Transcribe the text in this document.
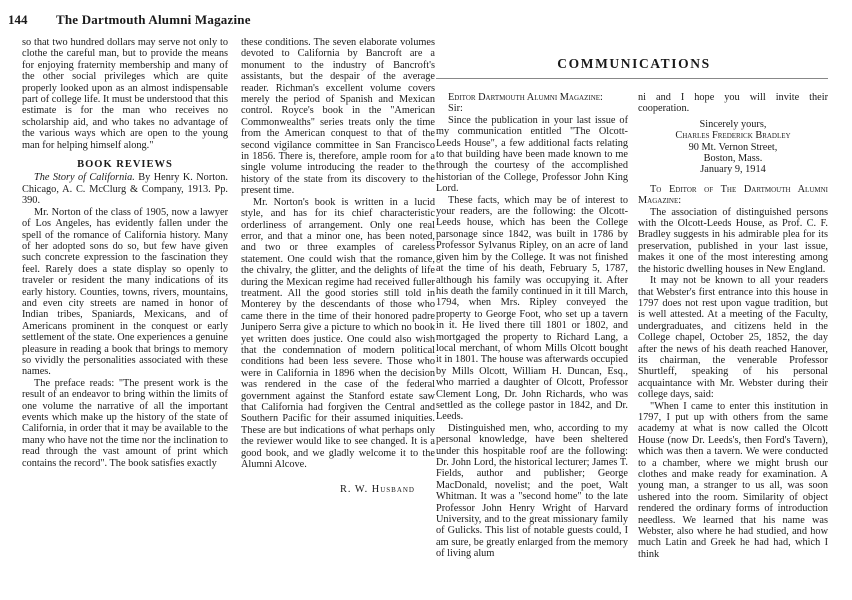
144 The Dartmouth Alumni Magazine

so that two hundred dollars may serve not only to clothe the careful man, but to provide the means for enjoying fraternity membership and many of the other social privileges which are quite properly looked upon as an almost indispensable part of college life. It must be understood that this estimate is for the man who receives no scholarship aid, and who takes no advantage of the various ways which are open to the young man for helping himself along."

BOOK REVIEWS

The Story of California. By Henry K. Norton. Chicago, A. C. McClurg & Company, 1913. Pp. 390.

Mr. Norton of the class of 1905, now a lawyer of Los Angeles, has evidently fallen under the spell of the romance of California history. Many of her adopted sons do so, but few have given such concrete expression to the fascination they feel. Rarely does a state display so openly to traveler or resident the many indications of its early history. Counties, towns, rivers, mountains, and even city streets are named in honor of Indian tribes, Spaniards, Mexicans, and of Americans prominent in the conquest or early settlement of the state. One experiences a genuine pleasure in reading a book that brings to memory so vividly the personalities associated with these names.

The preface reads: "The present work is the result of an endeavor to bring within the limits of one volume the narrative of all the important events which make up the history of the state of California, in order that it may be available to the many who have not the time nor the inclination to read through the vast amount of print which contains the record". The book satisfies exactly

these conditions. The seven elaborate volumes devoted to California by Bancroft are a monument to the industry of Bancroft's assistants, but the despair of the average reader. Richman's excellent volume covers merely the period of Spanish and Mexican control. Royce's book in the "American Commonwealths" series treats only the time from the American conquest to that of the second vigilance committee in San Francisco in 1856. There is, therefore, ample room for a single volume introducing the reader to the history of the state from its discovery to the present time.

Mr. Norton's book is written in a lucid style, and has for its chief characteristic orderliness of arrangement. Only one real error, and that a minor one, has been noted, and two or three examples of careless statement. One could wish that the romance, the chivalry, the glitter, and the delights of life during the Mexican regime had received fuller treatment. All the good stories still told in Monterey by the descendants of those who came there in the time of their honored padre Junipero Serra give a picture to which no book yet written does justice. One could also wish that the condemnation of modern political conditions had been less severe. Those who were in California in 1896 when the decision was rendered in the case of the federal government against the Stanford estate saw that California had forgiven the Central and Southern Pacific for their assumed iniquities. These are but indications of what perhaps only the reviewer would like to see changed. It is a good book, and we gladly welcome it to the Alumni Alcove.

R. W. Husband
COMMUNICATIONS

Editor Dartmouth Alumni Magazine:

Sir:

Since the publication in your last issue of my communication entitled "The Olcott-Leeds House", a few additional facts relating to that building have been made known to me through the courtesy of the accomplished historian of the College, Professor John King Lord.

These facts, which may be of interest to your readers, are the following: the Olcott-Leeds house, which has been the College parsonage since 1842, was built in 1786 by Professor Sylvanus Ripley, on an acre of land given him by the College. It was not finished at the time of his death, February 5, 1787, although his family was occupying it. After his death the family continued in it till March, 1794, when Mrs. Ripley conveyed the property to George Foot, who set up a tavern in it. He lived there till 1801 or 1802, and mortgaged the property to Richard Lang, a local merchant, of whom Mills Olcott bought it in 1801. The house was afterwards occupied by Mills Olcott, William H. Duncan, Esq., who married a daughter of Olcott, Professor Clement Long, Dr. John Richards, who was settled as the college pastor in 1842, and Dr. Leeds.

Distinguished men, who, according to my personal knowledge, have been sheltered under this hospitable roof are the following: Dr. John Lord, the historical lecturer; James T. Fields, author and publisher; George MacDonald, novelist; and the poet, Walt Whitman. It was a "second home" to the late Professor John Henry Wright of Harvard University, and to the great missionary family of Gulicks. This list of notable guests could, I am sure, be greatly enlarged from the memory of living alum

ni and I hope you will invite their cooperation.

Sincerely yours,
Charles Frederick Bradley
90 Mt. Vernon Street,
Boston, Mass.
January 9, 1914

To Editor of The Dartmouth Alumni Magazine:

The association of distinguished persons with the Olcott-Leeds House, as Prof. C. F. Bradley suggests in his admirable plea for its preservation, published in your last issue, makes it one of the most interesting among the historic dwelling houses in New England.

It may not be known to all your readers that Webster's first entrance into this house in 1797 does not rest upon vague tradition, but is well attested. At a meeting of the Faculty, undergraduates, and citizens held in the College chapel, October 25, 1852, the day after the news of his death reached Hanover, its chairman, the venerable Professor Shurtleff, speaking of his personal acquaintance with Mr. Webster during their college days, said:

"When I came to enter this institution in 1797, I put up with others from the same academy at what is now called the Olcott House (now Dr. Leeds's, then Ford's Tavern), which was then a tavern. We were conducted to a chamber, where we might brush our clothes and make ready for examination. A young man, a stranger to us all, was soon ushered into the room. Similarity of object rendered the ordinary forms of introduction needless. We learned that his name was Webster, also where he had studied, and how much Latin and Greek he had had, which I think
